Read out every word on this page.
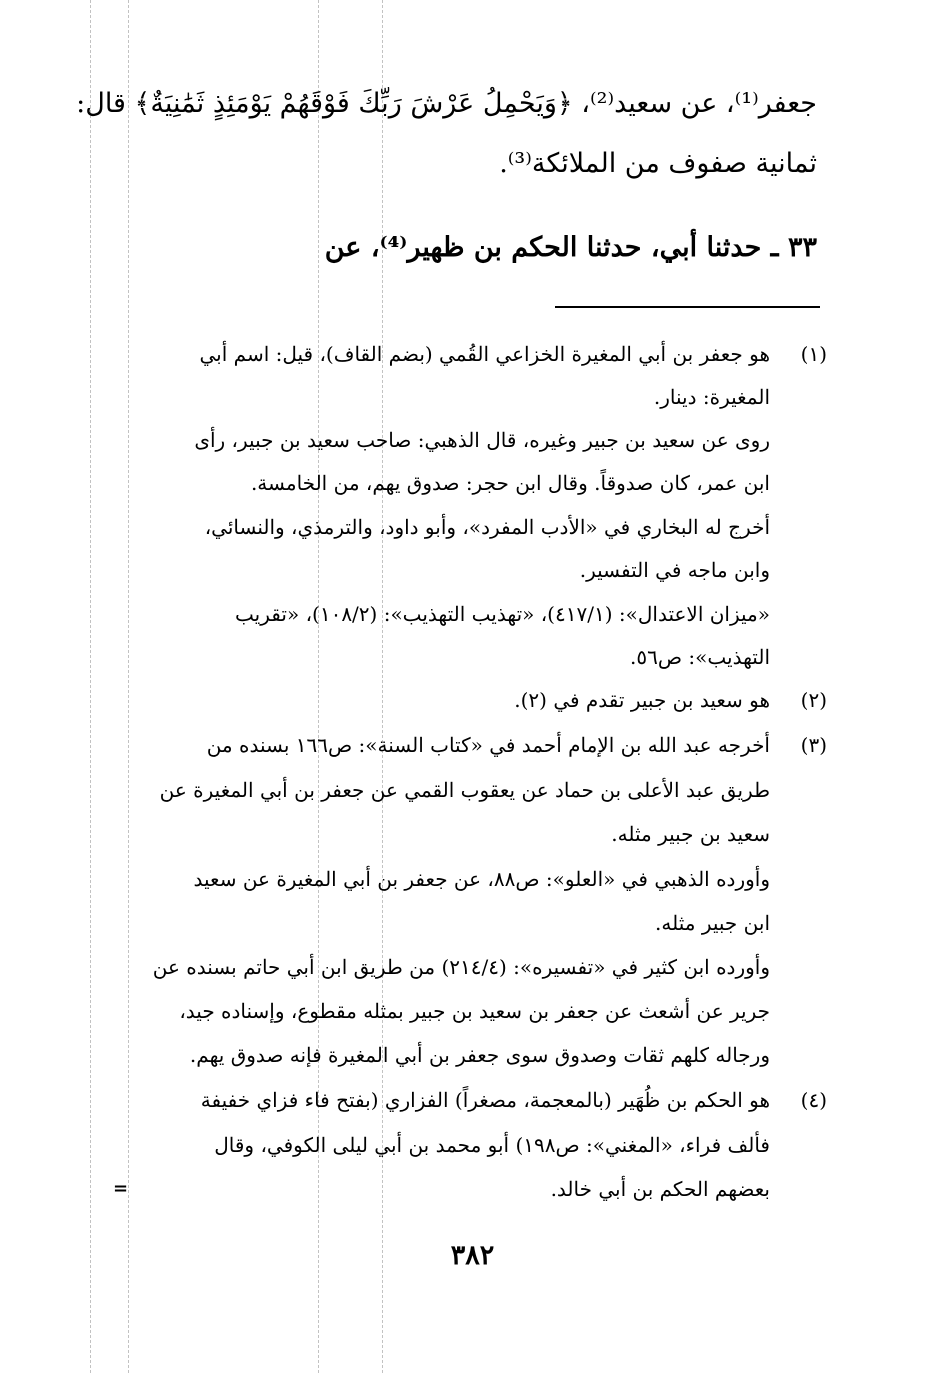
جعفر⁽¹⁾، عن سعيد⁽²⁾، ﴿وَيَحْمِلُ عَرْشَ رَبِّكَ فَوْقَهُمْ يَوْمَئِذٍ ثَمَٰنِيَةٌ﴾ قال:
ثمانية صفوف من الملائكة⁽³⁾.
٣٣ ـ حدثنا أبي، حدثنا الحكم بن ظهير⁽⁴⁾، عن
(١)
هو جعفر بن أبي المغيرة الخزاعي القُمي (بضم القاف)، قيل: اسم أبي
المغيرة: دينار.
روى عن سعيد بن جبير وغيره، قال الذهبي: صاحب سعيد بن جبير، رأى
ابن عمر، كان صدوقاً. وقال ابن حجر: صدوق يهم، من الخامسة.
أخرج له البخاري في «الأدب المفرد»، وأبو داود، والترمذي، والنسائي،
وابن ماجه في التفسير.
«ميزان الاعتدال»: (٤١٧/١)، «تهذيب التهذيب»: (١٠٨/٢)، «تقريب
التهذيب»: ص٥٦.
(٢)
هو سعيد بن جبير تقدم في (٢).
(٣)
أخرجه عبد الله بن الإمام أحمد في «كتاب السنة»: ص١٦٦ بسنده من
طريق عبد الأعلى بن حماد عن يعقوب القمي عن جعفر بن أبي المغيرة عن
سعيد بن جبير مثله.
وأورده الذهبي في «العلو»: ص٨٨، عن جعفر بن أبي المغيرة عن سعيد
ابن جبير مثله.
وأورده ابن كثير في «تفسيره»: (٢١٤/٤) من طريق ابن أبي حاتم بسنده عن
جرير عن أشعث عن جعفر بن سعيد بن جبير بمثله مقطوع، وإسناده جيد،
ورجاله كلهم ثقات وصدوق سوى جعفر بن أبي المغيرة فإنه صدوق يهم.
(٤)
هو الحكم بن ظُهَير (بالمعجمة، مصغراً) الفزاري (بفتح فاء فزاي خفيفة
فألف فراء، «المغني»: ص١٩٨) أبو محمد بن أبي ليلى الكوفي، وقال
بعضهم الحكم بن أبي خالد.
=
٣٨٢
